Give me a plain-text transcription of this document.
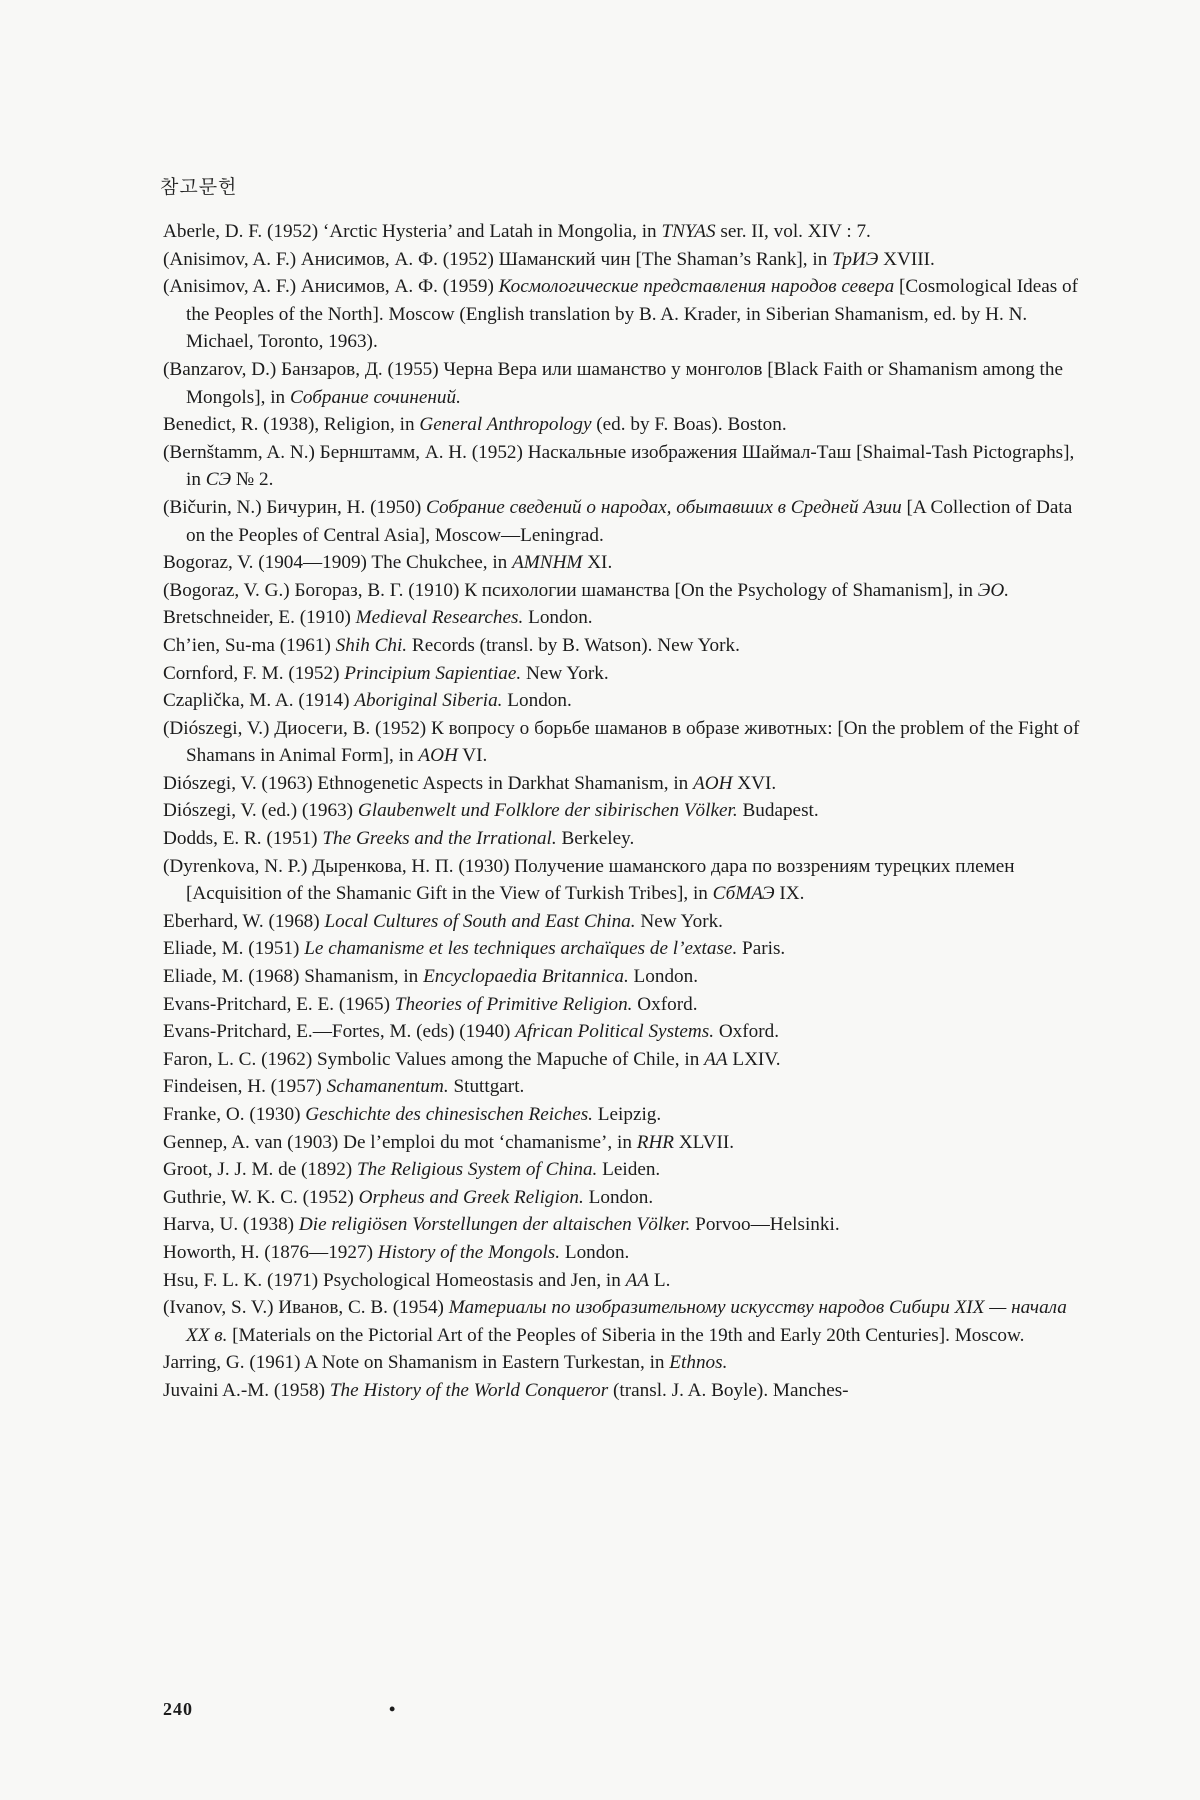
참고문헌

Aberle, D. F. (1952) ‘Arctic Hysteria’ and Latah in Mongolia, in TNYAS ser. II, vol. XIV : 7.

(Anisimov, A. F.) Анисимов, А. Ф. (1952) Шаманский чин [The Shaman’s Rank], in ТрИЭ XVIII.

(Anisimov, A. F.) Анисимов, А. Ф. (1959) Космологические представления народов севера [Cosmological Ideas of the Peoples of the North]. Moscow (English translation by B. A. Krader, in Siberian Shamanism, ed. by H. N. Michael, Toronto, 1963).

(Banzarov, D.) Банзаров, Д. (1955) Черна Вера или шаманство у монголов [Black Faith or Shamanism among the Mongols], in Собрание сочинений.

Benedict, R. (1938), Religion, in General Anthropology (ed. by F. Boas). Boston.

(Bernštamm, A. N.) Бернштамм, А. Н. (1952) Наскальные изображения Шаймал-Таш [Shaimal-Tash Pictographs], in СЭ № 2.

(Bičurin, N.) Бичурин, Н. (1950) Собрание сведений о народах, обытавших в Средней Азии [A Collection of Data on the Peoples of Central Asia], Moscow—Leningrad.

Bogoraz, V. (1904—1909) The Chukchee, in AMNHM XI.

(Bogoraz, V. G.) Богораз, В. Г. (1910) К психологии шаманства [On the Psychology of Shamanism], in ЭО.

Bretschneider, E. (1910) Medieval Researches. London.

Ch’ien, Su-ma (1961) Shih Chi. Records (transl. by B. Watson). New York.

Cornford, F. M. (1952) Principium Sapientiae. New York.

Czaplička, M. A. (1914) Aboriginal Siberia. London.

(Diószegi, V.) Диосеги, В. (1952) К вопросу о борьбе шаманов в образе животных: [On the problem of the Fight of Shamans in Animal Form], in AOH VI.

Diószegi, V. (1963) Ethnogenetic Aspects in Darkhat Shamanism, in AOH XVI.

Diószegi, V. (ed.) (1963) Glaubenwelt und Folklore der sibirischen Völker. Budapest.

Dodds, E. R. (1951) The Greeks and the Irrational. Berkeley.

(Dyrenkova, N. P.) Дыренкова, Н. П. (1930) Получение шаманского дара по воззрениям турецких племен [Acquisition of the Shamanic Gift in the View of Turkish Tribes], in СбМАЭ IX.

Eberhard, W. (1968) Local Cultures of South and East China. New York.

Eliade, M. (1951) Le chamanisme et les techniques archaïques de l’extase. Paris.

Eliade, M. (1968) Shamanism, in Encyclopaedia Britannica. London.

Evans-Pritchard, E. E. (1965) Theories of Primitive Religion. Oxford.

Evans-Pritchard, E.—Fortes, M. (eds) (1940) African Political Systems. Oxford.

Faron, L. C. (1962) Symbolic Values among the Mapuche of Chile, in AA LXIV.

Findeisen, H. (1957) Schamanentum. Stuttgart.

Franke, O. (1930) Geschichte des chinesischen Reiches. Leipzig.

Gennep, A. van (1903) De l’emploi du mot ‘chamanisme’, in RHR XLVII.

Groot, J. J. M. de (1892) The Religious System of China. Leiden.

Guthrie, W. K. C. (1952) Orpheus and Greek Religion. London.

Harva, U. (1938) Die religiösen Vorstellungen der altaischen Völker. Porvoo—Helsinki.

Howorth, H. (1876—1927) History of the Mongols. London.

Hsu, F. L. K. (1971) Psychological Homeostasis and Jen, in AA L.

(Ivanov, S. V.) Иванов, С. В. (1954) Материалы по изобразительному искусству народов Сибири XIX — начала XX в. [Materials on the Pictorial Art of the Peoples of Siberia in the 19th and Early 20th Centuries]. Moscow.

Jarring, G. (1961) A Note on Shamanism in Eastern Turkestan, in Ethnos.

Juvaini A.-M. (1958) The History of the World Conqueror (transl. J. A. Boyle). Manches-

240	•
